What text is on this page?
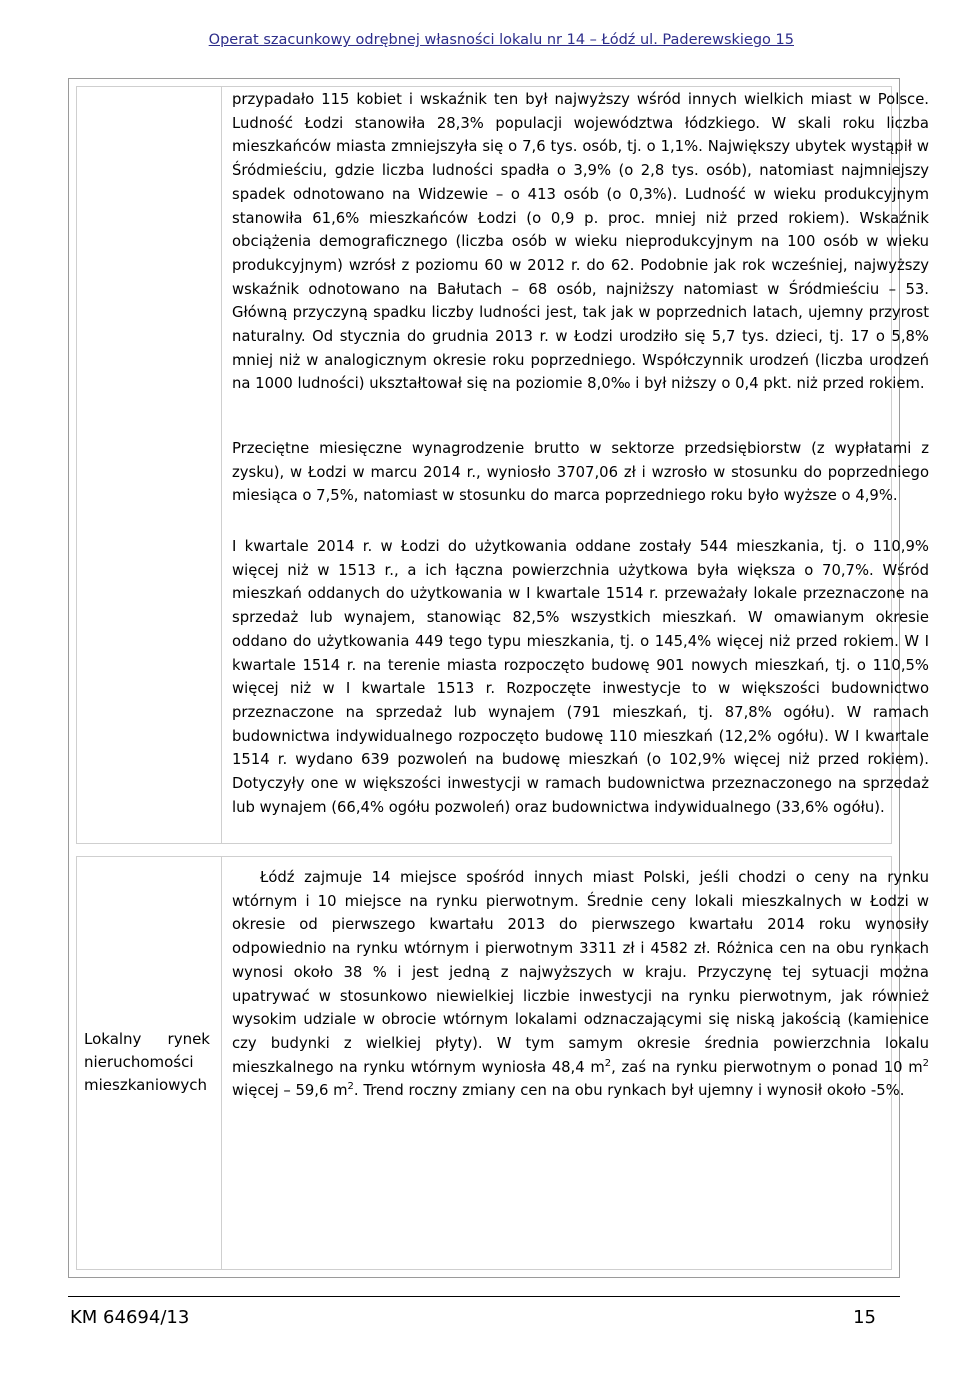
Operat szacunkowy odrębnej własności lokalu nr 14 – Łódź ul. Paderewskiego 15
Lokalny rynek
nieruchomości
mieszkaniowych
przypadało 115 kobiet i wskaźnik ten był najwyższy wśród innych wielkich miast w Polsce. Ludność Łodzi stanowiła 28,3% populacji województwa łódzkiego. W skali roku liczba mieszkańców miasta zmniejszyła się o 7,6 tys. osób, tj. o 1,1%. Największy ubytek wystąpił w Śródmieściu, gdzie liczba ludności spadła o 3,9% (o 2,8 tys. osób), natomiast najmniejszy spadek odnotowano na Widzewie – o 413 osób (o 0,3%). Ludność w wieku produkcyjnym stanowiła 61,6% mieszkańców Łodzi (o 0,9 p. proc. mniej niż przed rokiem). Wskaźnik obciążenia demograficznego (liczba osób w wieku nieprodukcyjnym na 100 osób w wieku produkcyjnym) wzrósł z poziomu 60 w 2012 r. do 62. Podobnie jak rok wcześniej, najwyższy wskaźnik odnotowano na Bałutach – 68 osób, najniższy natomiast w Śródmieściu – 53. Główną przyczyną spadku liczby ludności jest, tak jak w poprzednich latach, ujemny przyrost naturalny. Od stycznia do grudnia 2013 r. w Łodzi urodziło się 5,7 tys. dzieci, tj. 17 o 5,8% mniej niż w analogicznym okresie roku poprzedniego. Współczynnik urodzeń (liczba urodzeń na 1000 ludności) ukształtował się na poziomie 8,0‰ i był niższy o 0,4 pkt. niż przed rokiem.
Przeciętne miesięczne wynagrodzenie brutto w sektorze przedsiębiorstw (z wypłatami z zysku), w Łodzi w marcu 2014 r., wyniosło 3707,06 zł i wzrosło w stosunku do poprzedniego miesiąca o 7,5%, natomiast w stosunku do marca poprzedniego roku było wyższe o 4,9%.
I kwartale 2014 r. w Łodzi do użytkowania oddane zostały 544 mieszkania, tj. o 110,9% więcej niż w 1513 r., a ich łączna powierzchnia użytkowa była większa o 70,7%. Wśród mieszkań oddanych do użytkowania w I kwartale 1514 r. przeważały lokale przeznaczone na sprzedaż lub wynajem, stanowiąc 82,5% wszystkich mieszkań. W omawianym okresie oddano do użytkowania 449 tego typu mieszkania, tj. o 145,4% więcej niż przed rokiem. W I kwartale 1514 r. na terenie miasta rozpoczęto budowę 901 nowych mieszkań, tj. o 110,5% więcej niż w I kwartale 1513 r. Rozpoczęte inwestycje to w większości budownictwo przeznaczone na sprzedaż lub wynajem (791 mieszkań, tj. 87,8% ogółu). W ramach budownictwa indywidualnego rozpoczęto budowę 110 mieszkań (12,2% ogółu). W I kwartale 1514 r. wydano 639 pozwoleń na budowę mieszkań (o 102,9% więcej niż przed rokiem). Dotyczyły one w większości inwestycji w ramach budownictwa przeznaczonego na sprzedaż lub wynajem (66,4% ogółu pozwoleń) oraz budownictwa indywidualnego (33,6% ogółu).
Łódź zajmuje 14 miejsce spośród innych miast Polski, jeśli chodzi o ceny na rynku wtórnym i 10 miejsce na rynku pierwotnym. Średnie ceny lokali mieszkalnych w Łodzi w okresie od pierwszego kwartału 2013 do pierwszego kwartału 2014 roku wynosiły odpowiednio na rynku wtórnym i pierwotnym 3311 zł i 4582 zł. Różnica cen na obu rynkach wynosi około 38 % i jest jedną z najwyższych w kraju. Przyczynę tej sytuacji można upatrywać w stosunkowo niewielkiej liczbie inwestycji na rynku pierwotnym, jak również wysokim udziale w obrocie wtórnym lokalami odznaczającymi się niską jakością (kamienice czy budynki z wielkiej płyty). W tym samym okresie średnia powierzchnia lokalu mieszkalnego na rynku wtórnym wyniosła 48,4 $m^2$, zaś na rynku pierwotnym o ponad 10 $m^2$ więcej – 59,6 $m^2$. Trend roczny zmiany cen na obu rynkach był ujemny i wynosił około -5%.
KM 64694/13	15
